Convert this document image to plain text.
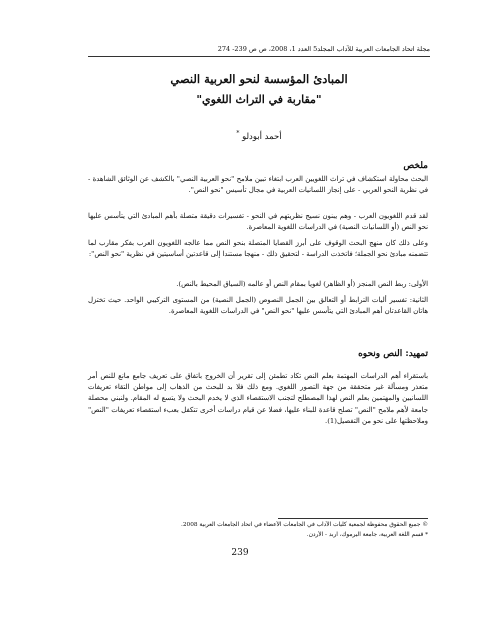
مجلة اتحاد الجامعات العربية للآداب المجلد5 العدد 1، 2008، ص ص 239- 274
المبادئ المؤسسة لنحو العربية النصي
"مقاربة في التراث اللغوي"
أحمد أبودلو *
ملخص

البحث محاولة استكشاف في تراث اللغويين العرب ابتغاء تبين ملامح "نحو العربية النصي" بالكشف عن الوثائق الشاهدة - في نظرية النحو العربي - على إنجاز اللسانيات العربية في مجال تأسيس "نحو النص".

لقد قدم اللغويون العرب - وهم يبنون نسيج نظريتهم في النحو - تفسيرات دقيقة متصلة بأهم المبادئ التي يتأسس عليها نحو النص (أو اللسانيات النصية) في الدراسات اللغوية المعاصرة.

وعلى ذلك كان منهج البحث الوقوف على أبرز القضايا المتصلة بنحو النص مما عالجه اللغويون العرب بفكر مقارب لما تتضمنه مبادئ نحو الجملة؛ فاتخذت الدراسة - لتحقيق ذلك - منهجا مستندا إلى قاعدتين أساسيتين في نظرية "نحو النص":

الأولى: ربط النص المنجز (أو الظاهر) لغويا بمقام النص أو عالمه (السياق المحيط بالنص).

الثانية: تفسير أليات الترابط أو التعالق بين الجمل النصوص (الجمل النصية) من المستوى التركيبي الواحد. حيث تختزل هاتان القاعدتان أهم المبادئ التي يتأسس عليها "نحو النص" في الدراسات اللغوية المعاصرة.

تمهيد: النص ونحوه

باستقراء أهم الدراسات المهتمة بعلم النص تكاد تطمئن إلى تقرير أن الخروج باتفاق على تعريف جامع مانع للنص أمر متعذر ومسألة غير متحققة من جهة التصور اللغوي. ومع ذلك فلا بد للبحث من الذهاب إلى مواطن التقاء تعريفات اللسانيين والمهتمين بعلم النص لهذا المصطلح لتجنب الاستقصاء الذي لا يخدم البحث ولا يتسع له المقام. ولنبني محصلة جامعة لأهم ملامح "النص" تصلح قاعدة للبناء عليها، فضلا عن قيام دراسات أخرى تتكفل بعبء استقصاء تعريفات "النص" وملاحظتها على نحو من التفصيل(1).

© جميع الحقوق محفوظة لجمعية كليات الآداب في الجامعات الأعضاء في اتحاد الجامعات العربية 2008.
* قسم اللغة العربية، جامعة اليرموك، اربد - الأردن.
239
